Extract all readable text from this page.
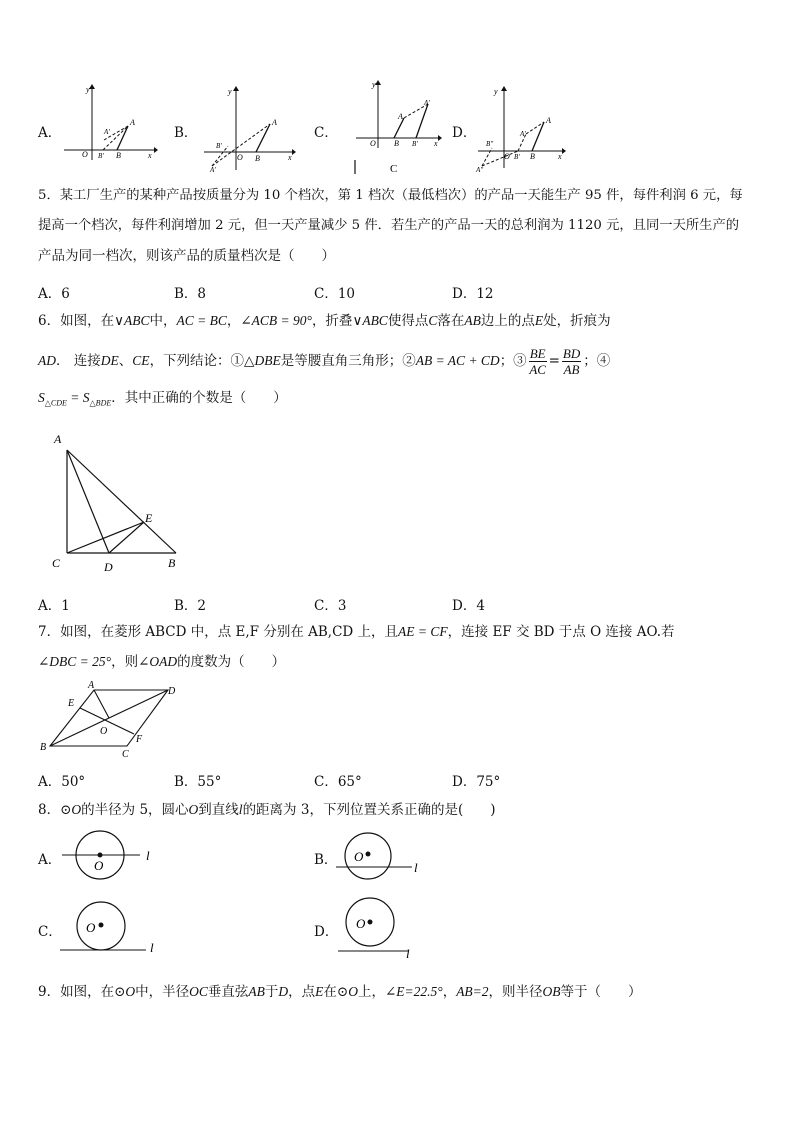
A．
y
x
O
A
A'
B' B
B．
y
x
O
A
B
B'
A'
C．
y
x
O
A
A'
B B'
C
D．
y
x
O
A
A'
B
B'
B"
A"
5．某工厂生产的某种产品按质量分为 10 个档次，第 1 档次（最低档次）的产品一天能生产 95 件，每件利润 6 元，每
提高一个档次，每件利润增加 2 元，但一天产量减少 5 件．若生产的产品一天的总利润为 1120 元，且同一天所生产的
产品为同一档次，则该产品的质量档次是（　　）
A．6	B．8	C．10	D．12
6．如图，在∨ABC中，AC = BC，∠ACB = 90°，折叠∨ABC使得点C落在AB边上的点E处，折痕为
AD． 连接DE、CE，下列结论：①△DBE是等腰直角三角形；②AB = AC + CD；③ $\frac{BE}{AC} = \frac{BD}{AB}$ ；④
$S_{\triangle CDE} = S_{\triangle BDE}$．其中正确的个数是（　　）
A
C	D	B
E
A．1	B．2	C．3	D．4
7．如图，在菱形 ABCD 中，点 E,F 分别在 AB,CD 上，且AE = CF，连接 EF 交 BD 于点 O 连接 AO.若
∠DBC = 25°，则∠OAD的度数为（　　）
A
D
B
C
E
F
O
A．50°	B．55°	C．65°	D．75°
8．⊙O的半径为 5，圆心O到直线l的距离为 3，下列位置关系正确的是(　　)
A．	O
l	B． O
l
C． O
l
D．
O
l
9．如图，在⊙O中，半径OC垂直弦AB于D，点E在⊙O上，∠E=22.5°，AB=2，则半径OB等于（　　）
